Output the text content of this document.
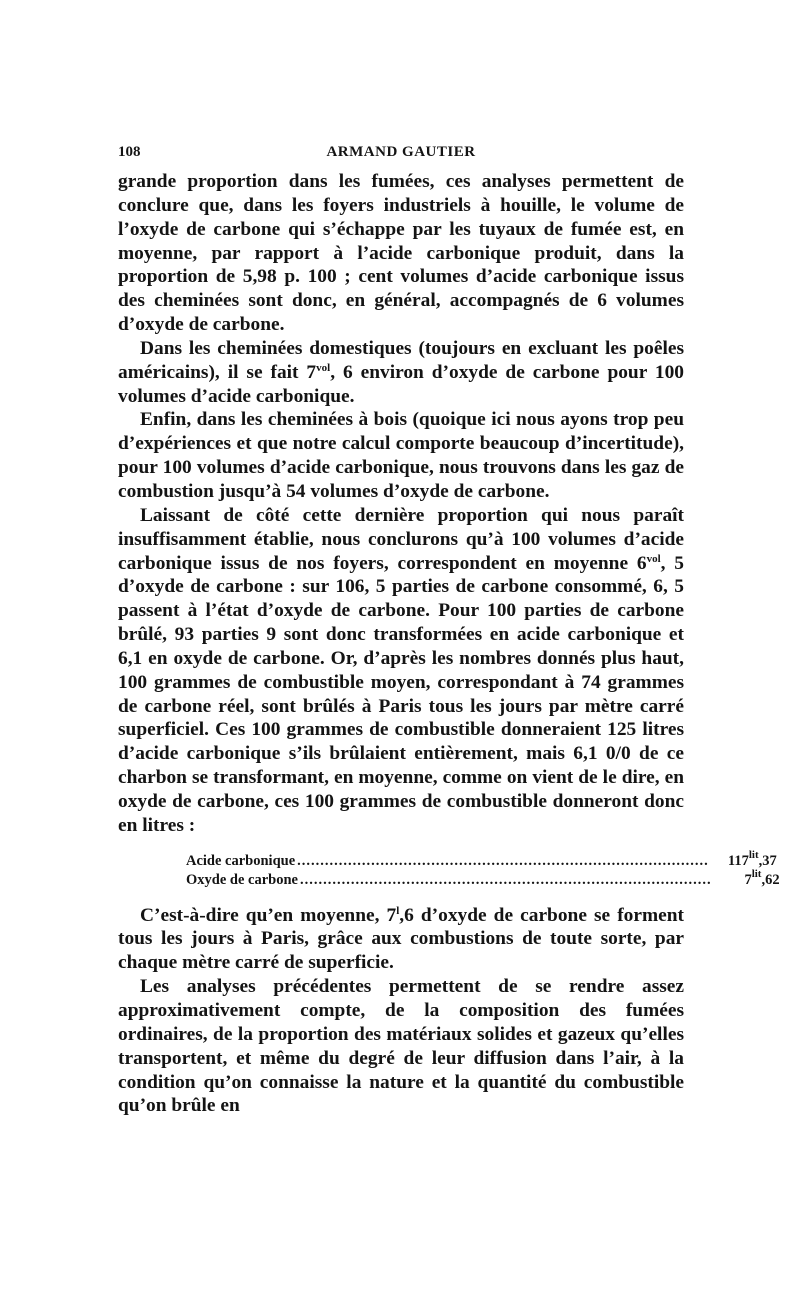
108	ARMAND GAUTIER

grande proportion dans les fumées, ces analyses permettent de conclure que, dans les foyers industriels à houille, le volume de l’oxyde de carbone qui s’échappe par les tuyaux de fumée est, en moyenne, par rapport à l’acide carbonique produit, dans la proportion de 5,98 p. 100 ; cent volumes d’acide carbonique issus des cheminées sont donc, en général, accompagnés de 6 volumes d’oxyde de carbone.

Dans les cheminées domestiques (toujours en excluant les poêles américains), il se fait $7^{vol}$, 6 environ d’oxyde de carbone pour 100 volumes d’acide carbonique.

Enfin, dans les cheminées à bois (quoique ici nous ayons trop peu d’expériences et que notre calcul comporte beaucoup d’incertitude), pour 100 volumes d’acide carbonique, nous trouvons dans les gaz de combustion jusqu’à 54 volumes d’oxyde de carbone.

Laissant de côté cette dernière proportion qui nous paraît insuffisamment établie, nous conclurons qu’à 100 volumes d’acide carbonique issus de nos foyers, correspondent en moyenne $6^{vol}$, 5 d’oxyde de carbone : sur 106, 5 parties de carbone consommé, 6, 5 passent à l’état d’oxyde de carbone. Pour 100 parties de carbone brûlé, 93 parties 9 sont donc transformées en acide carbonique et 6,1 en oxyde de carbone. Or, d’après les nombres donnés plus haut, 100 grammes de combustible moyen, correspondant à 74 grammes de carbone réel, sont brûlés à Paris tous les jours par mètre carré superficiel. Ces 100 grammes de combustible donneraient 125 litres d’acide carbonique s’ils brûlaient entièrement, mais 6,1 0/0 de ce charbon se transformant, en moyenne, comme on vient de le dire, en oxyde de carbone, ces 100 grammes de combustible donneront donc en litres :

Acide carbonique .........................................................................................	$117^{lit},37$
Oxyde de carbone .........................................................................................	$7^{lit},62$

C’est-à-dire qu’en moyenne, 7$^l$,6 d’oxyde de carbone se forment tous les jours à Paris, grâce aux combustions de toute sorte, par chaque mètre carré de superficie.

Les analyses précédentes permettent de se rendre assez approximativement compte, de la composition des fumées ordinaires, de la proportion des matériaux solides et gazeux qu’elles transportent, et même du degré de leur diffusion dans l’air, à la condition qu’on connaisse la nature et la quantité du combustible qu’on brûle en
